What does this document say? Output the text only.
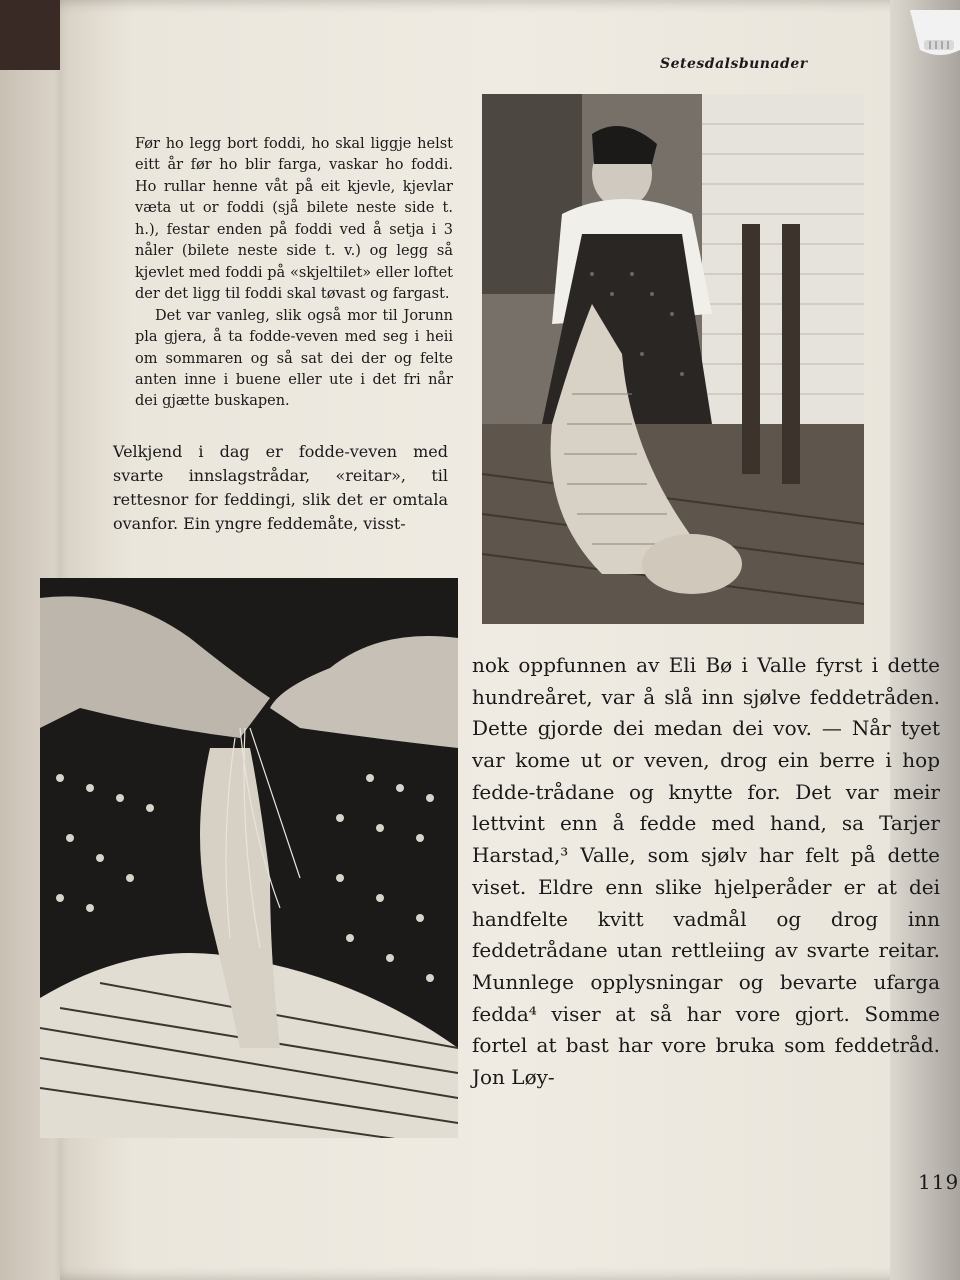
Setesdalsbunader

Før ho legg bort foddi, ho skal liggje helst eitt år før ho blir farga, vaskar ho foddi. Ho rullar henne våt på eit kjevle, kjevlar væta ut or foddi (sjå bilete neste side t. h.), festar enden på foddi ved å setja i 3 nåler (bilete neste side t. v.) og legg så kjevlet med foddi på «skjeltilet» eller loftet der det ligg til foddi skal tøvast og fargast.

Det var vanleg, slik også mor til Jorunn pla gjera, å ta fodde-veven med seg i heii om sommaren og så sat dei der og felte anten inne i buene eller ute i det fri når dei gjætte buskapen.

Velkjend i dag er fodde-veven med svarte innslagstrådar, «reitar», til rettesnor for feddingi, slik det er omtala ovanfor. Ein yngre feddemåte, visst-

nok oppfunnen av Eli Bø i Valle fyrst i dette hundreåret, var å slå inn sjølve feddetråden. Dette gjorde dei medan dei vov. — Når tyet var kome ut or veven, drog ein berre i hop fedde-trådane og knytte for. Det var meir lettvint enn å fedde med hand, sa Tarjer Harstad,³ Valle, som sjølv har felt på dette viset. Eldre enn slike hjelperåder er at dei handfelte kvitt vadmål og drog inn feddetrådane utan rettleiing av svarte reitar. Munnlege opplysningar og bevarte ufarga fedda⁴ viser at så har vore gjort. Somme fortel at bast har vore bruka som feddetråd. Jon Løy-

119
